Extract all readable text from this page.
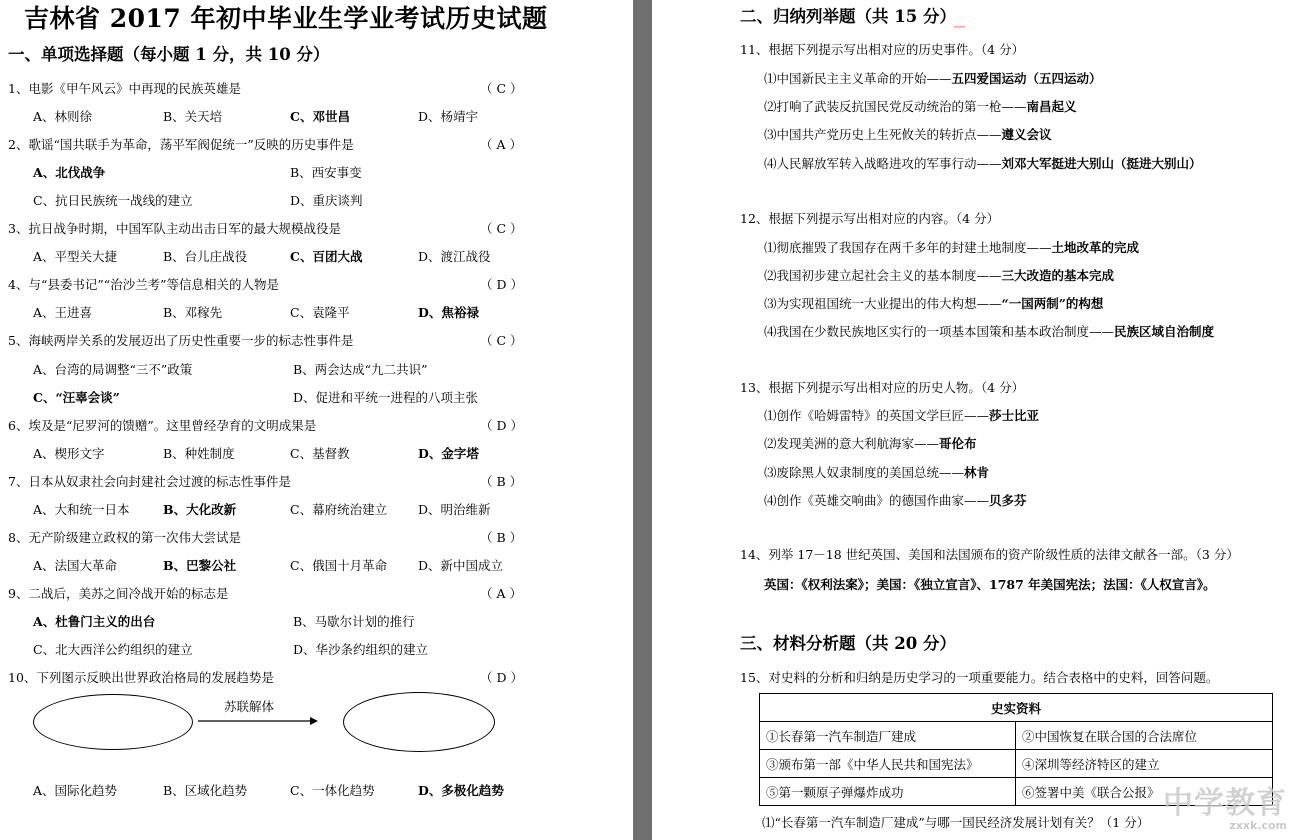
吉林省 2017 年初中毕业生学业考试历史试题
一、单项选择题（每小题 1 分，共 10 分）
1、电影《甲午风云》中再现的民族英雄是	（ C ）
A、林则徐	B、关天培	C、邓世昌	D、杨靖宇
2、歌谣“国共联手为革命，荡平军阀促统一”反映的历史事件是	（ A ）
A、北伐战争	B、西安事变
C、抗日民族统一战线的建立	D、重庆谈判
3、抗日战争时期，中国军队主动出击日军的最大规模战役是	（ C ）
A、平型关大捷	B、台儿庄战役	C、百团大战	D、渡江战役
4、与“县委书记”“治沙兰考”等信息相关的人物是	（ D ）
A、王进喜	B、邓稼先	C、袁隆平	D、焦裕禄
5、海峡两岸关系的发展迈出了历史性重要一步的标志性事件是	（ C ）
A、台湾的局调整“三不”政策	B、两会达成“九二共识”
C、“汪辜会谈”	D、促进和平统一进程的八项主张
6、埃及是“尼罗河的馈赠”。这里曾经孕育的文明成果是	（ D ）
A、楔形文字	B、种姓制度	C、基督教	D、金字塔
7、日本从奴隶社会向封建社会过渡的标志性事件是	（ B ）
A、大和统一日本	B、大化改新	C、幕府统治建立 D、明治维新
8、无产阶级建立政权的第一次伟大尝试是	（ B ）
A、法国大革命	B、巴黎公社	C、俄国十月革命 D、新中国成立
9、二战后，美苏之间冷战开始的标志是	（ A ）
A、杜鲁门主义的出台	B、马歇尔计划的推行
C、北大西洋公约组织的建立	D、华沙条约组织的建立
10、下列图示反映出世界政治格局的发展趋势是	（ D ）
A、国际化趋势	B、区域化趋势	C、一体化趋势	D、多极化趋势
苏联解体
二、归纳列举题（共 15 分）
﹏
11、根据下列提示写出相对应的历史事件。（4 分）
⑴中国新民主主义革命的开始——五四爱国运动（五四运动）
⑵打响了武装反抗国民党反动统治的第一枪——南昌起义
⑶中国共产党历史上生死攸关的转折点——遵义会议
⑷人民解放军转入战略进攻的军事行动——刘邓大军挺进大别山（挺进大别山）
12、根据下列提示写出相对应的内容。（4 分）
⑴彻底摧毁了我国存在两千多年的封建土地制度——土地改革的完成
⑵我国初步建立起社会主义的基本制度——三大改造的基本完成
⑶为实现祖国统一大业提出的伟大构想——“一国两制”的构想
⑷我国在少数民族地区实行的一项基本国策和基本政治制度——民族区域自治制度
13、根据下列提示写出相对应的历史人物。（4 分）
⑴创作《哈姆雷特》的英国文学巨匠——莎士比亚
⑵发现美洲的意大利航海家——哥伦布
⑶废除黑人奴隶制度的美国总统——林肯
⑷创作《英雄交响曲》的德国作曲家——贝多芬
14、列举 17－18 世纪英国、美国和法国颁布的资产阶级性质的法律文献各一部。（3 分）
英国：《权利法案》；美国：《独立宣言》、1787 年美国宪法；法国：《人权宣言》。
三、材料分析题（共 20 分）
15、对史料的分析和归纳是历史学习的一项重要能力。结合表格中的史料，回答问题。
史实资料	
①长春第一汽车制造厂建成	②中国恢复在联合国的合法席位
③颁布第一部《中华人民共和国宪法》	④深圳等经济特区的建立
⑤第一颗原子弹爆炸成功	⑥签署中美《联合公报》
⑴“长春第一汽车制造厂建成”与哪一国民经济发展计划有关？（1 分）
中学教育
zxxk.com
